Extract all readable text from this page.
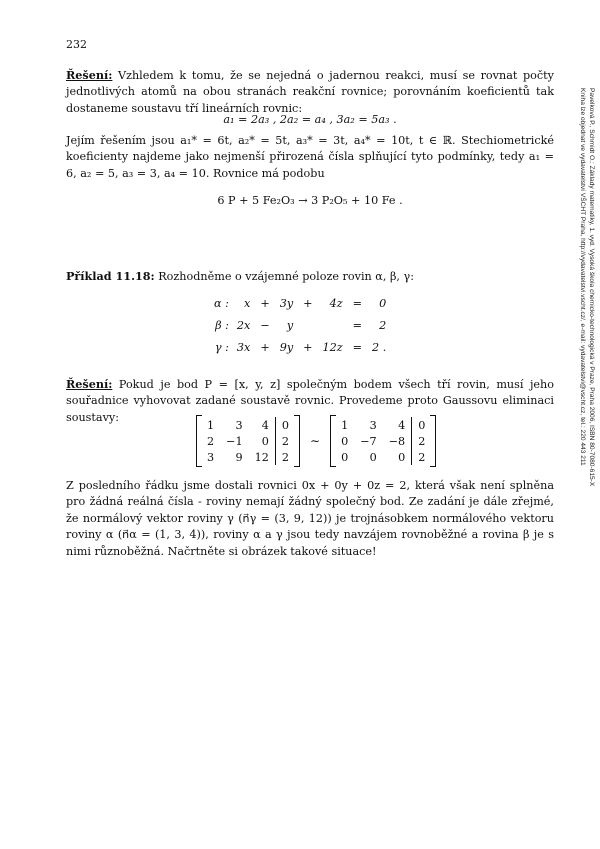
232
Řešení: Vzhledem k tomu, že se nejedná o jadernou reakci, musí se rovnat počty jednotlivých atomů na obou stranách reakční rovnice; porovnáním koeficientů tak dostaneme soustavu tří lineárních rovnic:
a₁ = 2a₃ , 2a₂ = a₄ , 3a₂ = 5a₃ .
Jejím řešením jsou a₁* = 6t, a₂* = 5t, a₃* = 3t, a₄* = 10t, t ∈ ℝ. Stechiometrické koeficienty najdeme jako nejmenší přirozená čísla splňující tyto podmínky, tedy a₁ = 6, a₂ = 5, a₃ = 3, a₄ = 10. Rovnice má podobu
6 P + 5 Fe₂O₃ → 3 P₂O₅ + 10 Fe .
Příklad 11.18: Rozhodněme o vzájemné poloze rovin α, β, γ:
α :	x	+	3y	+	4z	=	0
β :	2x	−	y			=	2
γ :	3x	+	9y	+	12z	=	2 .
Řešení: Pokud je bod P = [x, y, z] společným bodem všech tří rovin, musí jeho souřadnice vyhovovat zadané soustavě rovnic. Provedeme proto Gaussovu eliminaci soustavy:
1	3	4	0
2	−1	0	2
3	9	12	2
∼
1	3	4	0
0	−7	−8	2
0	0	0	2
Z posledního řádku jsme dostali rovnici 0x + 0y + 0z = 2, která však není splněna pro žádná reálná čísla - roviny nemají žádný společný bod. Ze zadání je dále zřejmé, že normálový vektor roviny γ (n⃗γ = (3, 9, 12)) je trojnásobkem normálového vektoru roviny α (n⃗α = (1, 3, 4)), roviny α a γ jsou tedy navzájem rovnoběžné a rovina β je s nimi různoběžná. Načrtněte si obrázek takové situace!
Pavelková P., Schmidt O.: Základy matematiky, 1. vyd. Vysoká škola chemicko-technologická v Praze, Praha 2006, ISBN 80-7080-615-X
Kniha lze objednat ve vydavatelství VŠCHT Praha, http://vydavatelstvi.vscht.cz/, e-mail: vydavatelstvi@vscht.cz, tel.: 220 443 211
